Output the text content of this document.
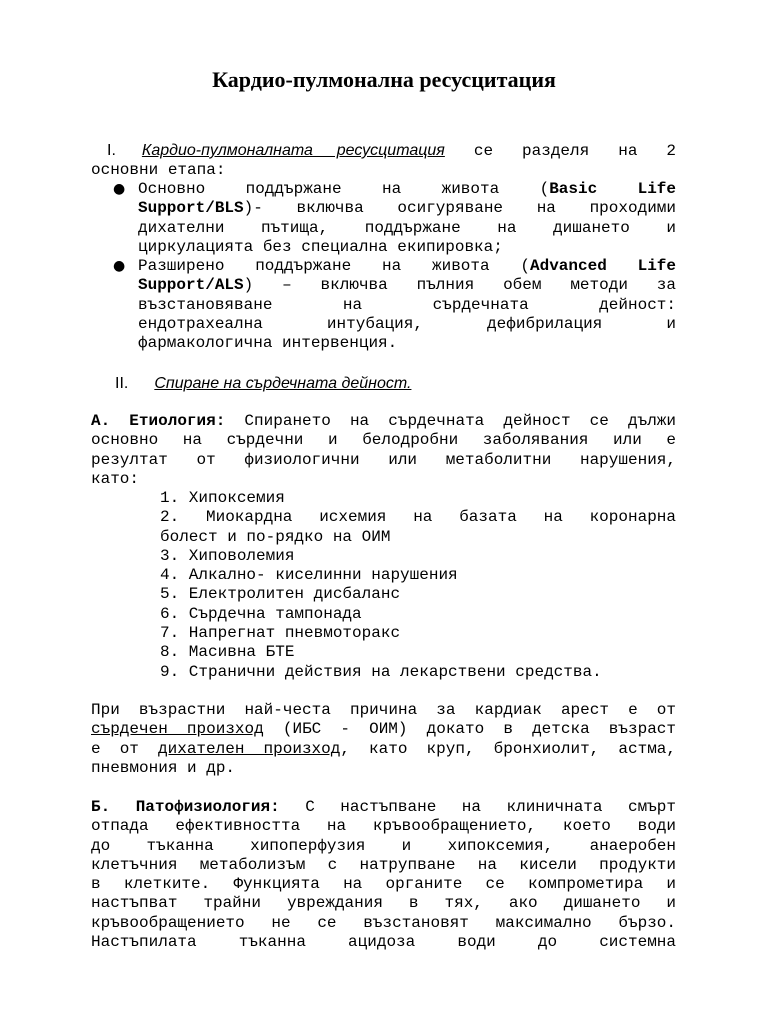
Кардио-пулмонална ресусцитация
I. Кардио-пулмоналната ресусцитация се разделя на 2
основни етапа:
● Основно поддържане на живота (Basic Life
Support/BLS)- включва осигуряване на проходими
дихателни пътища, поддържане на дишането и
циркулацията без специална екипировка;
● Разширено поддържане на живота (Advanced Life
Support/ALS) – включва пълния обем методи за
възстановяване на сърдечната дейност:
ендотрахеална интубация, дефибрилация и
фармакологична интервенция.
II. Спиране на сърдечната дейност.
А. Етиология: Спирането на сърдечната дейност се дължи
основно на сърдечни и белодробни заболявания или е
резултат от физиологични или метаболитни нарушения,
като:
1. Хипоксемия
2. Миокардна исхемия на базата на коронарна
болест и по-рядко на ОИМ
3. Хиповолемия
4. Алкално- киселинни нарушения
5. Електролитен дисбаланс
6. Сърдечна тампонада
7. Напрегнат пневмоторакс
8. Масивна БТЕ
9. Странични действия на лекарствени средства.
При възрастни най-честа причина за кардиак арест е от
сърдечен произход (ИБС - ОИМ) докато в детска възраст
е от дихателен произход, като круп, бронхиолит, астма,
пневмония и др.
Б. Патофизиология: С настъпване на клиничната смърт
отпада ефективността на кръвообращението, което води
до тъканна хипоперфузия и хипоксемия, анаеробен
клетъчния метаболизъм с натрупване на кисели продукти
в клетките. Функцията на органите се компрометира и
настъпват трайни увреждания в тях, ако дишането и
кръвообращението не се възстановят максимално бързо.
Настъпилата тъканна ацидоза води до системна
